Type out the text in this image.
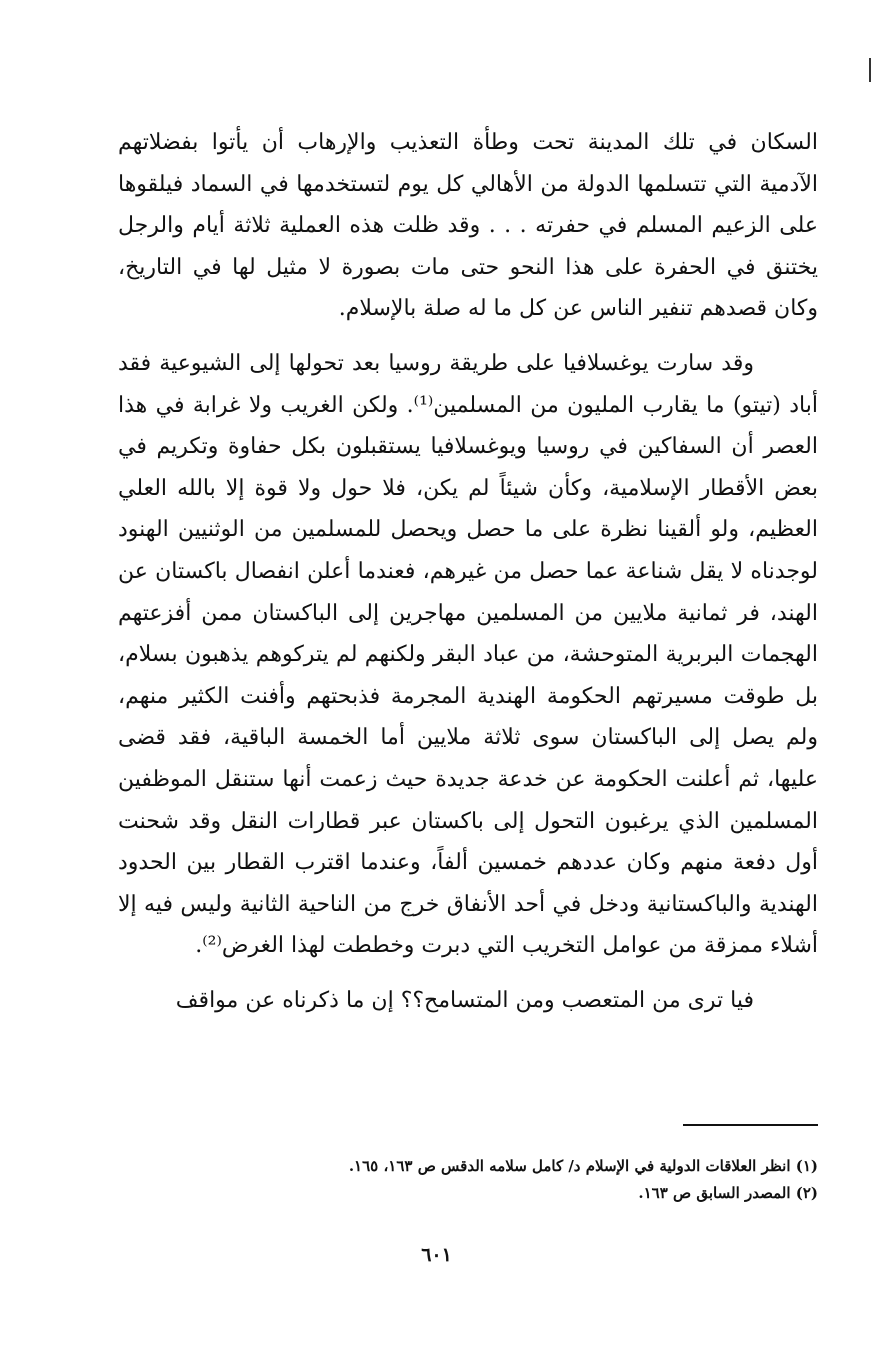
السكان في تلك المدينة تحت وطأة التعذيب والإرهاب أن يأتوا بفضلاتهم الآدمية التي تتسلمها الدولة من الأهالي كل يوم لتستخدمها في السماد فيلقوها على الزعيم المسلم في حفرته . . . وقد ظلت هذه العملية ثلاثة أيام والرجل يختنق في الحفرة على هذا النحو حتى مات بصورة لا مثيل لها في التاريخ، وكان قصدهم تنفير الناس عن كل ما له صلة بالإسلام.

وقد سارت يوغسلافيا على طريقة روسيا بعد تحولها إلى الشيوعية فقد أباد (تيتو) ما يقارب المليون من المسلمين⁽¹⁾. ولكن الغريب ولا غرابة في هذا العصر أن السفاكين في روسيا ويوغسلافيا يستقبلون بكل حفاوة وتكريم في بعض الأقطار الإسلامية، وكأن شيئاً لم يكن، فلا حول ولا قوة إلا بالله العلي العظيم، ولو ألقينا نظرة على ما حصل ويحصل للمسلمين من الوثنيين الهنود لوجدناه لا يقل شناعة عما حصل من غيرهم، فعندما أعلن انفصال باكستان عن الهند، فر ثمانية ملايين من المسلمين مهاجرين إلى الباكستان ممن أفزعتهم الهجمات البربرية المتوحشة، من عباد البقر ولكنهم لم يتركوهم يذهبون بسلام، بل طوقت مسيرتهم الحكومة الهندية المجرمة فذبحتهم وأفنت الكثير منهم، ولم يصل إلى الباكستان سوى ثلاثة ملايين أما الخمسة الباقية، فقد قضى عليها، ثم أعلنت الحكومة عن خدعة جديدة حيث زعمت أنها ستنقل الموظفين المسلمين الذي يرغبون التحول إلى باكستان عبر قطارات النقل وقد شحنت أول دفعة منهم وكان عددهم خمسين ألفاً، وعندما اقترب القطار بين الحدود الهندية والباكستانية ودخل في أحد الأنفاق خرج من الناحية الثانية وليس فيه إلا أشلاء ممزقة من عوامل التخريب التي دبرت وخططت لهذا الغرض⁽²⁾.

فيا ترى من المتعصب ومن المتسامح؟؟ إن ما ذكرناه عن مواقف

(١) انظر العلاقات الدولية في الإسلام د/ كامل سلامه الدقس ص ١٦٣، ١٦٥.
(٢) المصدر السابق ص ١٦٣.
٦٠١
